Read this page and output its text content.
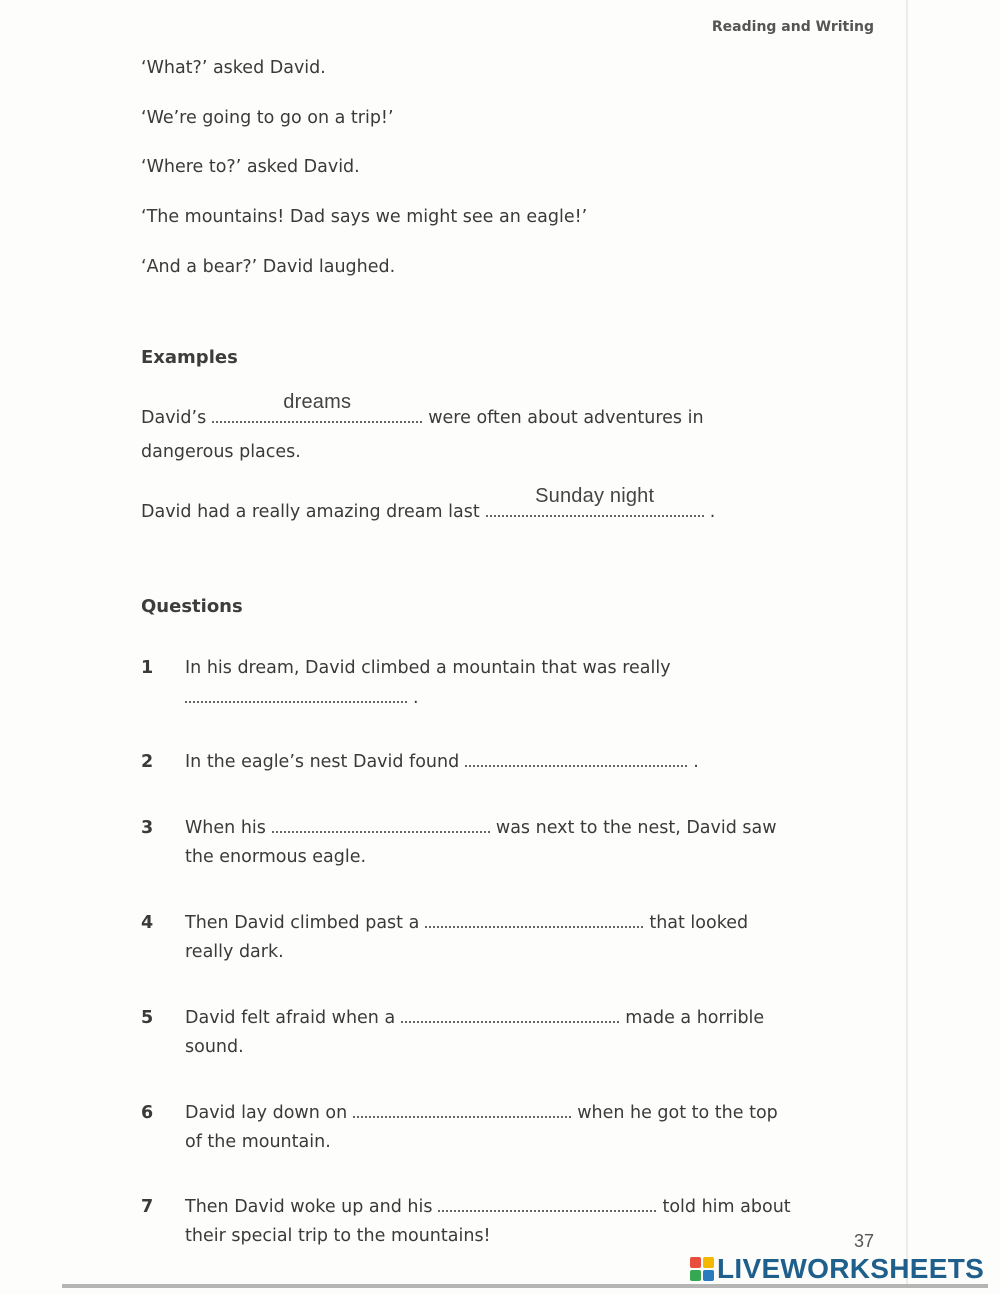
Reading and Writing
‘What?’ asked David.
‘We’re going to go on a trip!’
‘Where to?’ asked David.
‘The mountains! Dad says we might see an eagle!’
‘And a bear?’ David laughed.
Examples
David’s
dreams
were often about adventures in
dangerous places.
David had a really amazing dream last
Sunday night
.
Questions
1 In his dream, David climbed a mountain that was really
.
2 In the eagle’s nest David found	.
3 When his	was next to the nest, David saw
the enormous eagle.
4 Then David climbed past a	that looked
really dark.
5 David felt afraid when a	made a horrible
sound.
6 David lay down on	when he got to the top
of the mountain.
7 Then David woke up and his	told him about
their special trip to the mountains!	37
LIVEWORKSHEETS
